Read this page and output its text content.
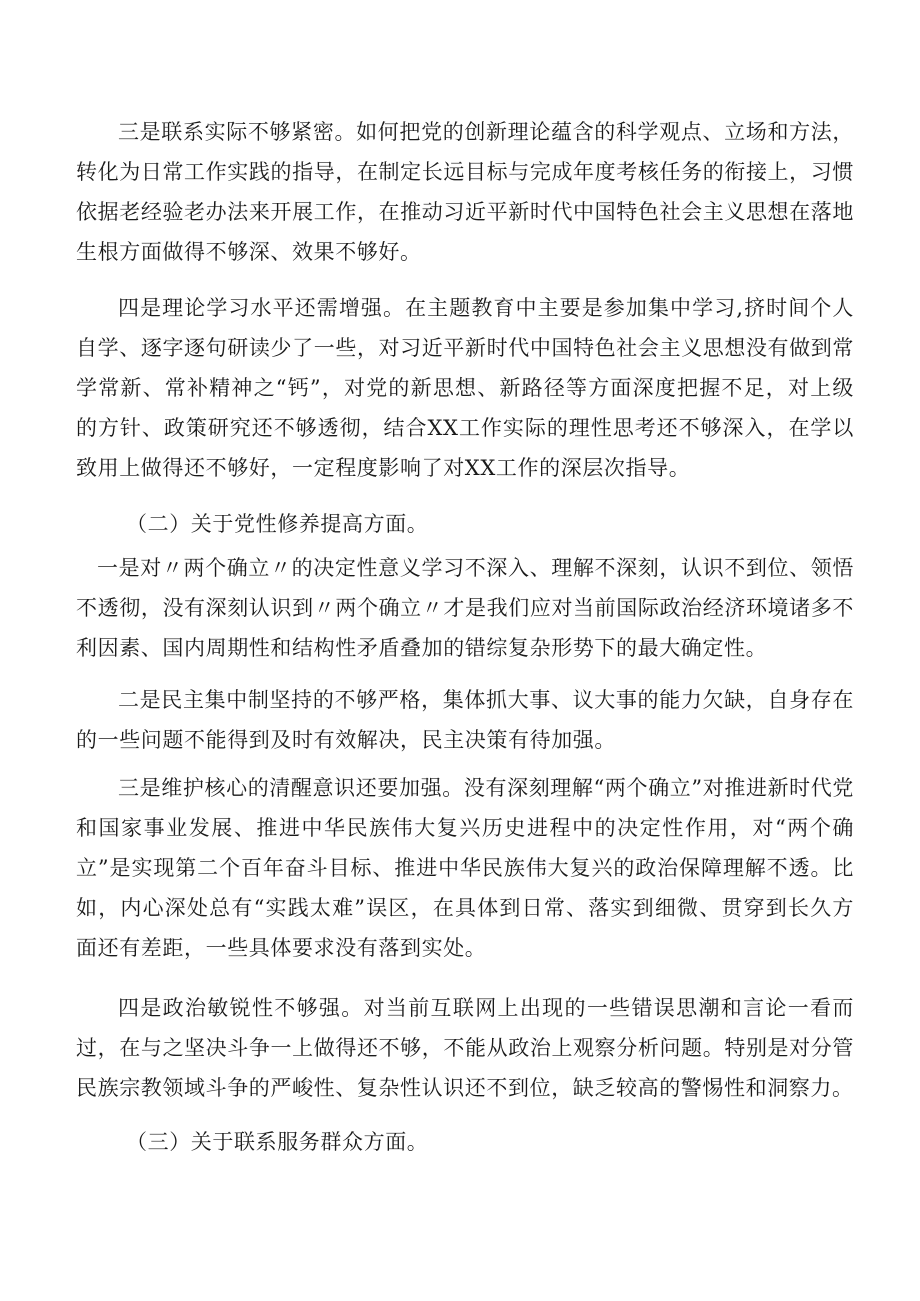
三是联系实际不够紧密。如何把党的创新理论蕴含的科学观点、立场和方法，转化为日常工作实践的指导，在制定长远目标与完成年度考核任务的衔接上，习惯依据老经验老办法来开展工作，在推动习近平新时代中国特色社会主义思想在落地生根方面做得不够深、效果不够好。

四是理论学习水平还需增强。在主题教育中主要是参加集中学习,挤时间个人自学、逐字逐句研读少了一些，对习近平新时代中国特色社会主义思想没有做到常学常新、常补精神之“钙”，对党的新思想、新路径等方面深度把握不足，对上级的方针、政策研究还不够透彻，结合XX工作实际的理性思考还不够深入，在学以致用上做得还不够好，一定程度影响了对XX工作的深层次指导。

（二）关于党性修养提高方面。

一是对〃两个确立〃的决定性意义学习不深入、理解不深刻，认识不到位、领悟不透彻，没有深刻认识到〃两个确立〃才是我们应对当前国际政治经济环境诸多不利因素、国内周期性和结构性矛盾叠加的错综复杂形势下的最大确定性。

二是民主集中制坚持的不够严格，集体抓大事、议大事的能力欠缺，自身存在的一些问题不能得到及时有效解决，民主决策有待加强。

三是维护核心的清醒意识还要加强。没有深刻理解“两个确立”对推进新时代党和国家事业发展、推进中华民族伟大复兴历史进程中的决定性作用，对“两个确立”是实现第二个百年奋斗目标、推进中华民族伟大复兴的政治保障理解不透。比如，内心深处总有“实践太难”误区，在具体到日常、落实到细微、贯穿到长久方面还有差距，一些具体要求没有落到实处。

四是政治敏锐性不够强。对当前互联网上出现的一些错误思潮和言论一看而过，在与之坚决斗争一上做得还不够，不能从政治上观察分析问题。特别是对分管民族宗教领域斗争的严峻性、复杂性认识还不到位，缺乏较高的警惕性和洞察力。

（三）关于联系服务群众方面。
